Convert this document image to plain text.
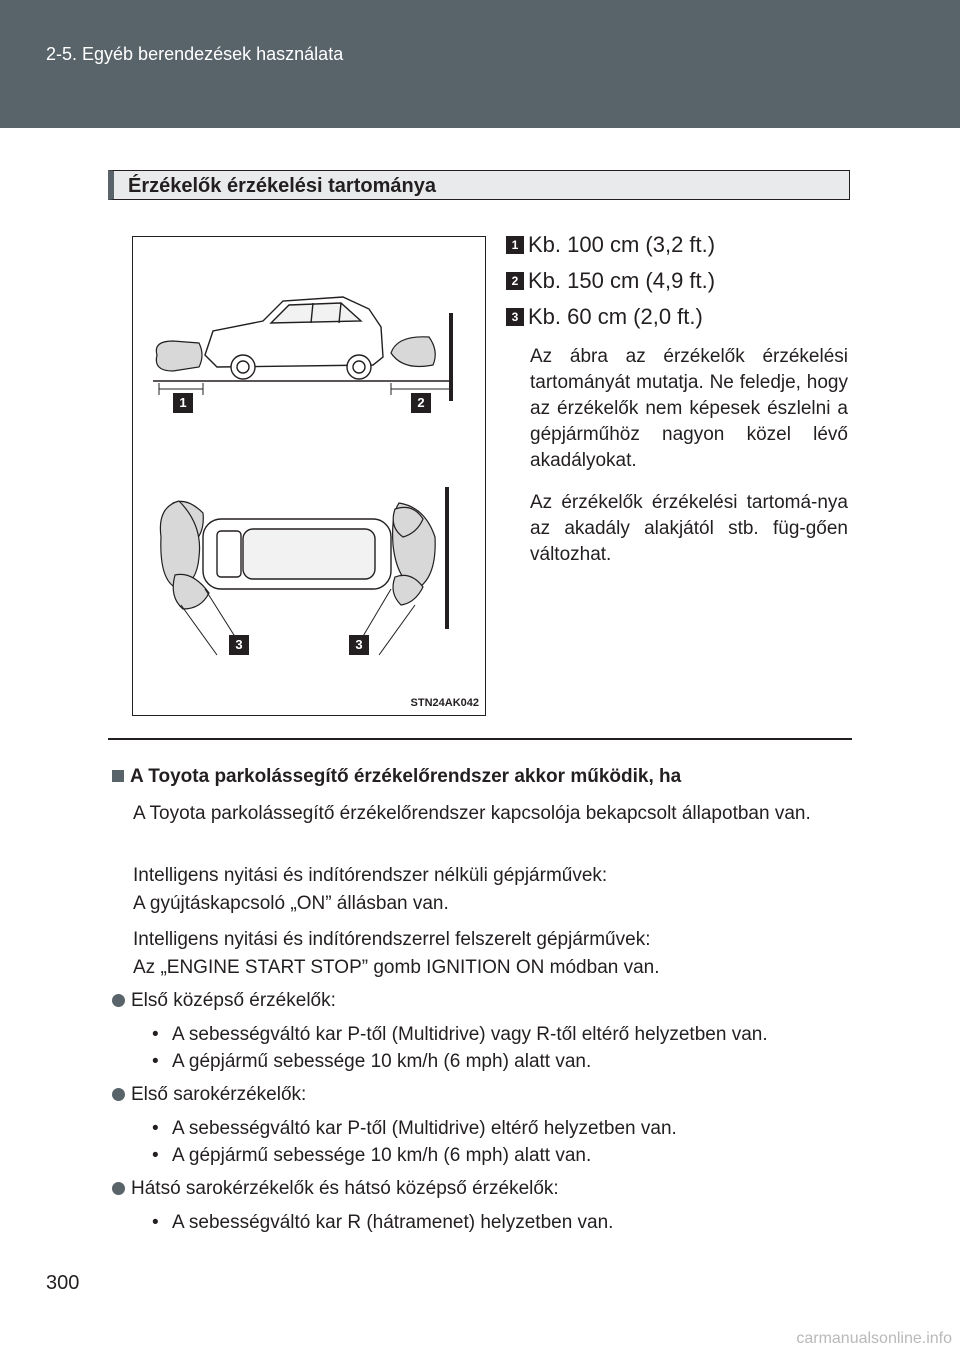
2-5. Egyéb berendezések használata
Érzékelők érzékelési tartománya
1	2
3	3
STN24AK042
1 Kb. 100 cm (3,2 ft.)
2 Kb. 150 cm (4,9 ft.)
3 Kb. 60 cm (2,0 ft.)
Az ábra az érzékelők érzékelési tartományát mutatja. Ne feledje, hogy az érzékelők nem képesek észlelni a gépjárműhöz nagyon közel lévő akadályokat.
Az érzékelők érzékelési tartomá-nya az akadály alakjától stb. füg-gően változhat.
A Toyota parkolássegítő érzékelőrendszer akkor működik, ha
A Toyota parkolássegítő érzékelőrendszer kapcsolója bekapcsolt állapotban van.
Intelligens nyitási és indítórendszer nélküli gépjárművek:
A gyújtáskapcsoló „ON” állásban van.
Intelligens nyitási és indítórendszerrel felszerelt gépjárművek:
Az „ENGINE START STOP” gomb IGNITION ON módban van.
Első középső érzékelők:
• A sebességváltó kar P-től (Multidrive) vagy R-től eltérő helyzetben van.
• A gépjármű sebessége 10 km/h (6 mph) alatt van.
Első sarokérzékelők:
• A sebességváltó kar P-től (Multidrive) eltérő helyzetben van.
• A gépjármű sebessége 10 km/h (6 mph) alatt van.
Hátsó sarokérzékelők és hátsó középső érzékelők:
• A sebességváltó kar R (hátramenet) helyzetben van.
300
carmanualsonline.info
